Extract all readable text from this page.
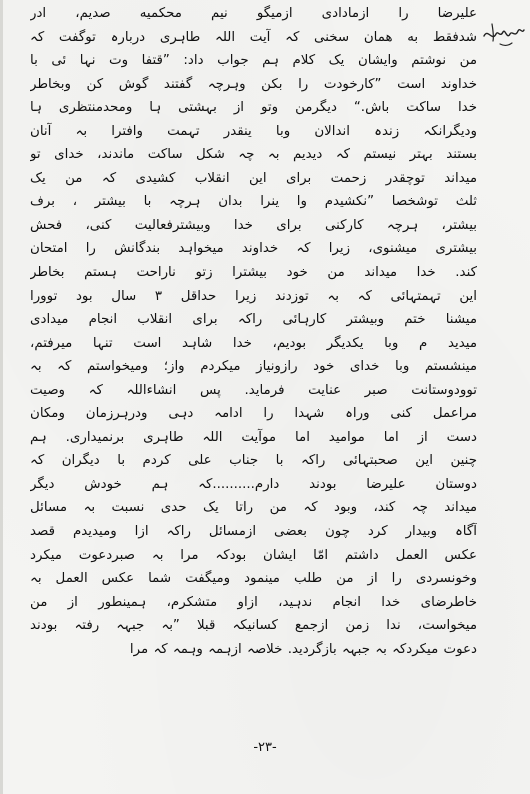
علیرضا را ازمادادی ازمیگو نیم محکمیه صدیم، ادر
شدفقط به همان سخنی کہ آیت اللہ طاہری دربارہ توگفت کہ
من نوشتم وایشان یک کلام ہم جواب داد: ”قتفا وت نہا ئی با
خداوند است ”کارخودت را بکن وہرچہ گفتند گوش کن وبخاطر
خدا ساکت باش.“ دیگرمن وتو از بہشتی ہا ومحدمنتظری ہا
ودیگرانکہ زندہ اندالان وبا ینقدر تہمت وافترا بہ آنان
بستند بہتر نیستم کہ دیدیم بہ چہ شکل ساکت ماندند، خدای تو
میداند توچقدر زحمت برای این انقلاب کشیدی کہ من یک
ثلث توشخصا ”نکشیدم وا ینرا بدان ہرچہ با بیشتر ، برف
بیشتر، ہرچہ کارکنی برای خدا وبیشترفعالیت کنی، فحش
بیشتری میشنوی، زیرا کہ خداوند میخواہد بندگانش را امتحان
کند. خدا میداند من خود بیشترا زتو ناراحت ہستم بخاطر
این تہمتہائی کہ بہ توزدند زیرا حداقل ۳ سال بود توورا
میشنا ختم وبیشتر کارہائی راکہ برای انقلاب انجام میدادی
میدید م وبا یکدیگر بودیم، خدا شاہد است تنہا میرفتم،
مینشستم وبا خدای خود رازونیاز میکردم واز؛ ومیخواستم کہ بہ
توودوستانت صبر عنایت فرماید. پس انشاءاللہ کہ وصیت
مراعمل کنی وراہ شہدا را ادامہ دہی ودرہرزمان ومکان
دست از اما موامید اما موآیت اللہ طاہری برنمیداری. ہم
چنین این صحبتہائی راکہ با جناب علی کردم با دیگران کہ
دوستان علیرضا بودند دارم..........کہ ہم خودش دیگر
میداند چہ کند، وبود کہ من راتا یک حدی نسبت بہ مسائل
آگاہ وبیدار کرد چون بعضی ازمسائل راکہ ازا ومیدیدم قصد
عکس العمل داشتم امّا ایشان بودکہ مرا بہ صبردعوت میکرد
وخونسردی را از من طلب مینمود ومیگفت شما عکس العمل بہ
خاطرضای خدا انجام ندہید، ازاو متشکرم، ہمینطور از من
میخواست، ندا زمن ازجمع کسانیکہ قبلا ”بہ جبہہ رفتہ بودند
دعوت میکردکہ بہ جبہہ بازگردید. خلاصہ ازہمہ وہمہ کہ مرا
-۲۳-
